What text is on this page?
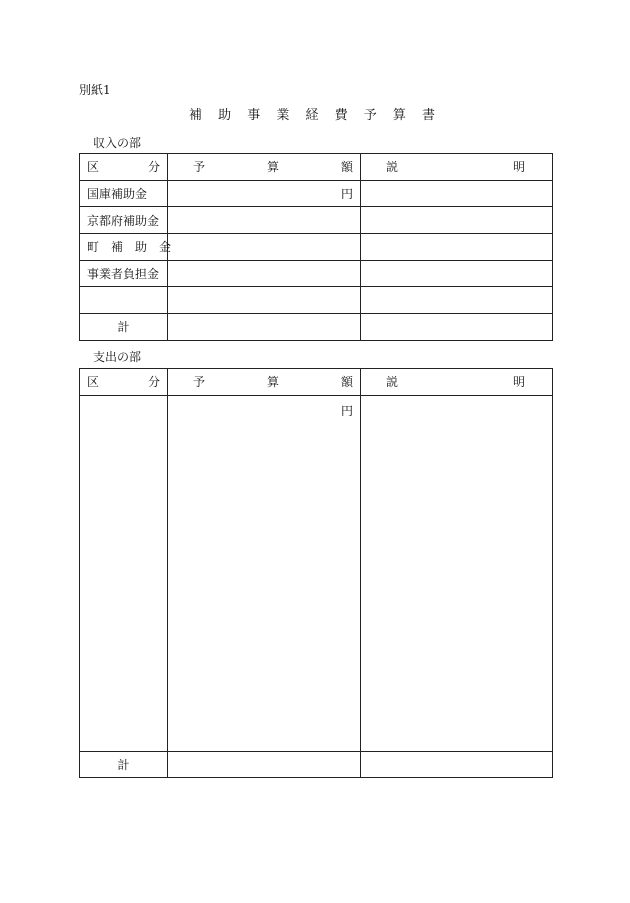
別紙1
補 助 事 業 経 費 予 算 書
収入の部
区 分	予 算 額	説 明

国庫補助金	円	
京都府補助金		
町　補　助　金		
事業者負担金		

計		
支出の部
区 分	予 算 額	説 明

	円	

計		
